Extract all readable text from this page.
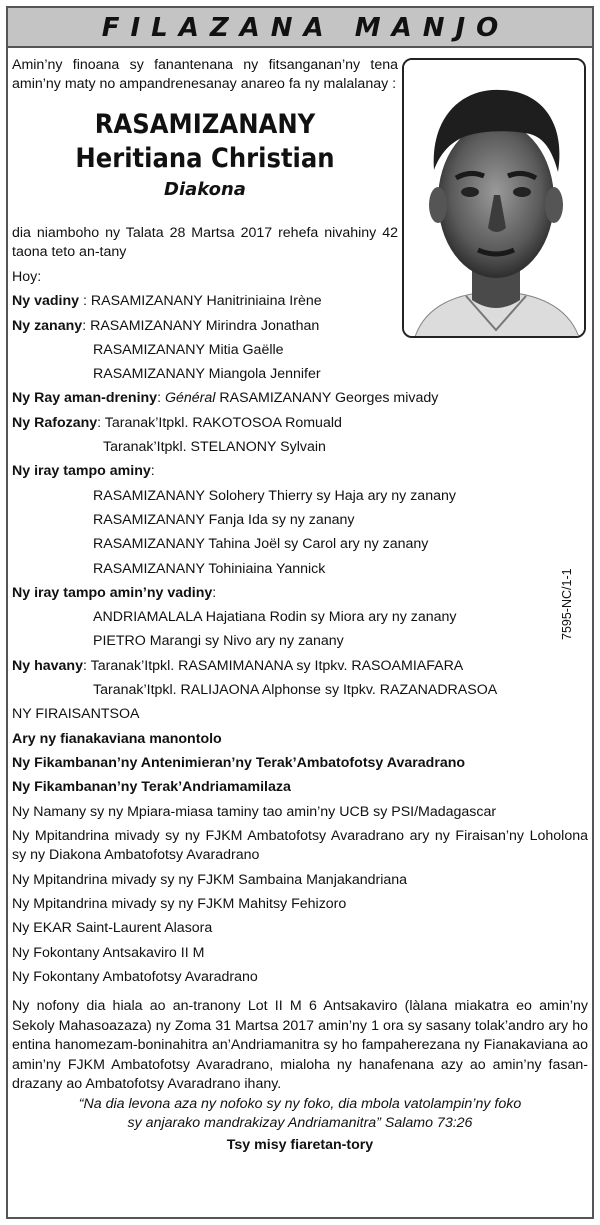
FILAZANA MANJO

Amin’ny finoana sy fanantenana ny fitsanganan’ny tena amin’ny maty no ampandrenesanay anareo fa ny malalanay :

RASAMIZANANY
Heritiana Christian
Diakona

dia niamboho ny Talata 28 Martsa 2017 rehefa nivahiny 42 taona teto an-tany

Hoy:
Ny vadiny : RASAMIZANANY Hanitriniaina Irène
Ny zanany: RASAMIZANANY Mirindra Jonathan
RASAMIZANANY Mitia Gaëlle
RASAMIZANANY Miangola Jennifer
Ny Ray aman-dreniny: Général RASAMIZANANY Georges mivady
Ny Rafozany: Taranak’Itpkl. RAKOTOSOA Romuald
Taranak’Itpkl. STELANONY Sylvain
Ny iray tampo aminy:
RASAMIZANANY Solohery Thierry sy Haja ary ny zanany
RASAMIZANANY Fanja Ida sy ny zanany
RASAMIZANANY Tahina Joël sy Carol ary ny zanany
RASAMIZANANY Tohiniaina Yannick
Ny iray tampo amin’ny vadiny:
ANDRIAMALALA Hajatiana Rodin sy Miora ary ny zanany
PIETRO Marangi sy Nivo ary ny zanany
Ny havany: Taranak’Itpkl. RASAMIMANANA sy Itpkv. RASOAMIAFARA
Taranak’Itpkl. RALIJAONA Alphonse sy Itpkv. RAZANADRASOA
NY FIRAISANTSOA
Ary ny fianakaviana manontolo
Ny Fikambanan’ny Antenimieran’ny Terak’Ambatofotsy Avaradrano
Ny Fikambanan’ny Terak’Andriamamilaza
Ny Namany sy ny Mpiara-miasa taminy tao amin’ny UCB sy PSI/Madagascar

Ny Mpitandrina mivady sy ny FJKM Ambatofotsy Avaradrano ary ny Firaisan’ny Loholona sy ny Diakona Ambatofotsy Avaradrano

Ny Mpitandrina mivady sy ny FJKM Sambaina Manjakandriana
Ny Mpitandrina mivady sy ny FJKM Mahitsy Fehizoro
Ny EKAR Saint-Laurent Alasora
Ny Fokontany Antsakaviro II M
Ny Fokontany Ambatofotsy Avaradrano

Ny nofony dia hiala ao an-tranony Lot II M 6 Antsakaviro (làlana miakatra eo amin’ny Sekoly Mahasoazaza) ny Zoma 31 Martsa 2017 amin’ny 1 ora sy sasany tolak’andro ary ho entina hanomezam-boninahitra an’Andriamanitra sy ho fampaherezana ny Fianakaviana ao amin’ny FJKM Ambatofotsy Avaradrano, mialoha ny hanafenana azy ao amin’ny fasan-drazany ao Ambatofotsy Avaradrano ihany.

“Na dia levona aza ny nofoko sy ny foko, dia mbola vatolampin’ny foko
sy anjarako mandrakizay Andriamanitra” Salamo 73:26
Tsy misy fiaretan-tory
7595-NC/1-1
